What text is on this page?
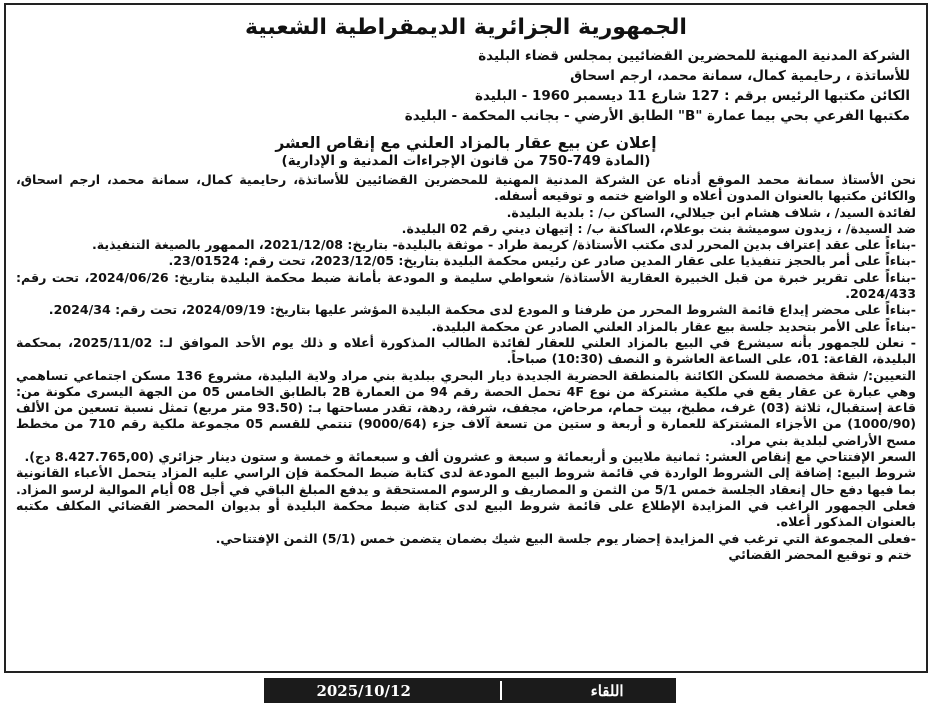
الجمهورية الجزائرية الديمقراطية الشعبية
الشركة المدنية المهنية للمحضرين القضائيين بمجلس قضاء البليدة
للأساتذة ، رحايمية كمال، سمانة محمد، ارجم اسحاق
الكائن مكتبها الرئيس برقم : 127 شارع 11 ديسمبر 1960 - البليدة
مكتبها الفرعي بحي بيما عمارة "B" الطابق الأرضي - بجانب المحكمة - البليدة
إعلان عن بيع عقار بالمزاد العلني مع إنقاص العشر
(المادة 749-750 من قانون الإجراءات المدنية و الإدارية)

نحن الأستاذ سمانة محمد الموقع أدناه عن الشركة المدنية المهنية للمحضرين القضائيين للأساتذة، رحايمية كمال، سمانة محمد، ارجم اسحاق، والكائن مكتبها بالعنوان المدون أعلاه و الواضع ختمه و توقيعه أسفله.

لفائدة السيد/ ، شلاف هشام ابن جيلالي، الساكن ب/ : بلدية البليدة.

ضد السيدة/ ، زيدون سوميشة بنت بوعلام، الساكنة ب/ : إتيهان ديني رقم 02 البليدة.

-بناءاً على عقد إعتراف بدين المحرر لدى مكتب الأستاذة/ كريمة طراد - موثقة بالبليدة- بتاريخ: 2021/12/08، الممهور بالصيغة التنفيذية.

-بناءاً على أمر بالحجز تنفيذيا على عقار المدين صادر عن رئيس محكمة البليدة بتاريخ: 2023/12/05، تحت رقم: 23/01524.

-بناءاً على تقرير خبرة من قبل الخبيرة العقارية الأستاذة/ شعواطي سليمة و المودعة بأمانة ضبط محكمة البليدة بتاريخ: 2024/06/26، تحت رقم: 2024/433.

-بناءاً على محضر إيداع قائمة الشروط المحرر من طرفنا و المودع لدى محكمة البليدة المؤشر عليها بتاريخ: 2024/09/19، تحت رقم: 2024/34.

-بناءاً على الأمر بتحديد جلسة بيع عقار بالمزاد العلني الصادر عن محكمة البليدة.

- نعلن للجمهور بأنه سيشرع في البيع بالمزاد العلني للعقار لفائدة الطالب المذكورة أعلاه و ذلك يوم الأحد الموافق لـ: 2025/11/02، بمحكمة البليدة، القاعة: 01، على الساعة العاشرة و النصف (10:30) صباحاً.

التعيين:/ شقة مخصصة للسكن الكائنة بالمنطقة الحضرية الجديدة ديار البحري ببلدية بني مراد ولاية البليدة، مشروع 136 مسكن اجتماعي تساهمي وهي عبارة عن عقار يقع في ملكية مشتركة من نوع 4F تحمل الحصة رقم 94 من العمارة 2B بالطابق الخامس 05 من الجهة اليسرى مكونة من: قاعة إستقبال، ثلاثة (03) غرف، مطبخ، بيت حمام، مرحاض، مجفف، شرفة، ردهة، تقدر مساحتها بـ: (93.50 متر مربع) تمثل نسبة تسعين من الألف (1000/90) من الأجزاء المشتركة للعمارة و أربعة و ستين من تسعة آلاف جزء (9000/64) تنتمي للقسم 05 مجموعة ملكية رقم 710 من مخطط مسح الأراضي لبلدية بني مراد.

السعر الإفتتاحي مع إنقاص العشر: ثمانية ملايين و أربعمائة و سبعة و عشرون ألف و سبعمائة و خمسة و ستون دينار جزائري (8.427.765,00 دج).

شروط البيع: إضافة إلى الشروط الواردة في قائمة شروط البيع المودعة لدى كتابة ضبط المحكمة فإن الراسي عليه المزاد يتحمل الأعباء القانونية بما فيها دفع حال إنعقاد الجلسة خمس 5/1 من الثمن و المصاريف و الرسوم المستحقة و يدفع المبلغ الباقي في أجل 08 أيام الموالية لرسو المزاد. فعلى الجمهور الراغب في المزايدة الإطلاع على قائمة شروط البيع لدى كتابة ضبط محكمة البليدة أو بديوان المحضر القضائي المكلف مكتبه بالعنوان المذكور أعلاه.

-فعلى المجموعة التي ترغب في المزايدة إحضار يوم جلسة البيع شيك بضمان يتضمن خمس (5/1) الثمن الإفتتاحي.

ختم و توقيع المحضر القضائي

اللقاء
2025/10/12
